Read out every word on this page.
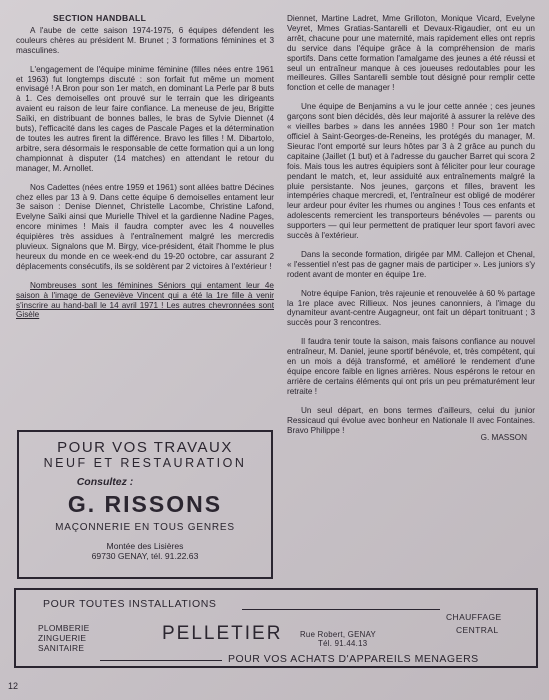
SECTION HANDBALL

A l'aube de cette saison 1974-1975, 6 équipes défendent les couleurs chères au président M. Brunet ; 3 formations féminines et 3 masculines.

L'engagement de l'équipe minime féminine (filles nées entre 1961 et 1963) fut longtemps discuté : son forfait fut même un moment envisagé ! A Bron pour son 1er match, en dominant La Perle par 8 buts à 1. Ces demoiselles ont prouvé sur le terrain que les dirigeants avaient eu raison de leur faire confiance. La meneuse de jeu, Brigitte Saïki, en distribuant de bonnes balles, le bras de Sylvie Diennet (4 buts), l'efficacité dans les cages de Pascale Pages et la détermination de toutes les autres firent la différence. Bravo les filles ! M. Dibartolo, arbitre, sera désormais le responsable de cette formation qui a un long championnat à disputer (14 matches) en attendant le retour du manager, M. Arnollet.

Nos Cadettes (nées entre 1959 et 1961) sont allées battre Décines chez elles par 13 à 9. Dans cette équipe 6 demoiselles entament leur 3e saison : Denise Diennet, Christelle Lacombe, Christine Lafond, Evelyne Saïki ainsi que Murielle Thivel et la gardienne Nadine Pages, encore minimes ! Mais il faudra compter avec les 4 nouvelles équipières très assidues à l'entraînement malgré les mercredis pluvieux. Signalons que M. Birgy, vice-président, était l'homme le plus heureux du monde en ce week-end du 19-20 octobre, car assurant 2 déplacements consécutifs, ils se soldèrent par 2 victoires à l'extérieur !

Nombreuses sont les féminines Séniors qui entament leur 4e saison à l'image de Geneviève Vincent qui a été la 1re fille à venir s'inscrire au hand-ball le 14 avril 1971 ! Les autres chevronnées sont Gisèle

Diennet, Martine Ladret, Mme Grilloton, Monique Vicard, Evelyne Veyret, Mmes Gratias-Santarelli et Devaux-Rigaudier, ont eu un arrêt, chacune pour une maternité, mais rapidement elles ont repris du service dans l'équipe grâce à la compréhension de maris sportifs. Dans cette formation l'amalgame des jeunes a été réussi et seul un entraîneur manque à ces joueuses redoutables pour les meilleures. Gilles Santarelli semble tout désigné pour remplir cette fonction et celle de manager !

Une équipe de Benjamins a vu le jour cette année ; ces jeunes garçons sont bien décidés, dès leur majorité à assurer la relève des « vieilles barbes » dans les années 1980 ! Pour son 1er match officiel à Saint-Georges-de-Reneins, les protégés du manager, M. Sieurac l'ont emporté sur leurs hôtes par 3 à 2 grâce au punch du capitaine (Jaillet (1 but) et à l'adresse du gaucher Barret qui scora 2 fois. Mais tous les autres équipiers sont à féliciter pour leur courage pendant le match, et, leur assiduité aux entraînements malgré la pluie persistante. Nos jeunes, garçons et filles, bravent les intempéries chaque mercredi, et, l'entraîneur est obligé de modérer leur ardeur pour éviter les rhumes ou angines ! Tous ces enfants et adolescents remercient les transporteurs bénévoles — parents ou supporters — qui leur permettent de pratiquer leur sport favori avec succès à l'extérieur.

Dans la seconde formation, dirigée par MM. Callejon et Chenal, « l'essentiel n'est pas de gagner mais de participer ». Les juniors s'y rodent avant de monter en équipe 1re.

Notre équipe Fanion, très rajeunie et renouvelée à 60 % partage la 1re place avec Rillieux. Nos jeunes canonniers, à l'image du dynamiteur avant-centre Augagneur, ont fait un départ tonitruant ; 3 succès pour 3 rencontres.

Il faudra tenir toute la saison, mais faisons confiance au nouvel entraîneur, M. Daniel, jeune sportif bénévole, et, très compétent, qui en un mois a déjà transformé, et amélioré le rendement d'une équipe encore faible en lignes arrières. Nous espérons le retour en arrière de certains éléments qui ont pris un peu prématurément leur retraite !

Un seul départ, en bons termes d'ailleurs, celui du junior Ressicaud qui évolue avec bonheur en Nationale II avec Fontaines. Bravo Philippe !

G. MASSON
POUR VOS TRAVAUX
NEUF ET RESTAURATION
Consultez :
G. RISSONS
MAÇONNERIE EN TOUS GENRES
Montée des Lisières
69730 GENAY, tél. 91.22.63
POUR TOUTES INSTALLATIONS
CHAUFFAGE
CENTRAL
PLOMBERIE
ZINGUERIE
SANITAIRE
PELLETIER Rue Robert, GENAY
Tél. 91.44.13
POUR VOS ACHATS D'APPAREILS MENAGERS
12
